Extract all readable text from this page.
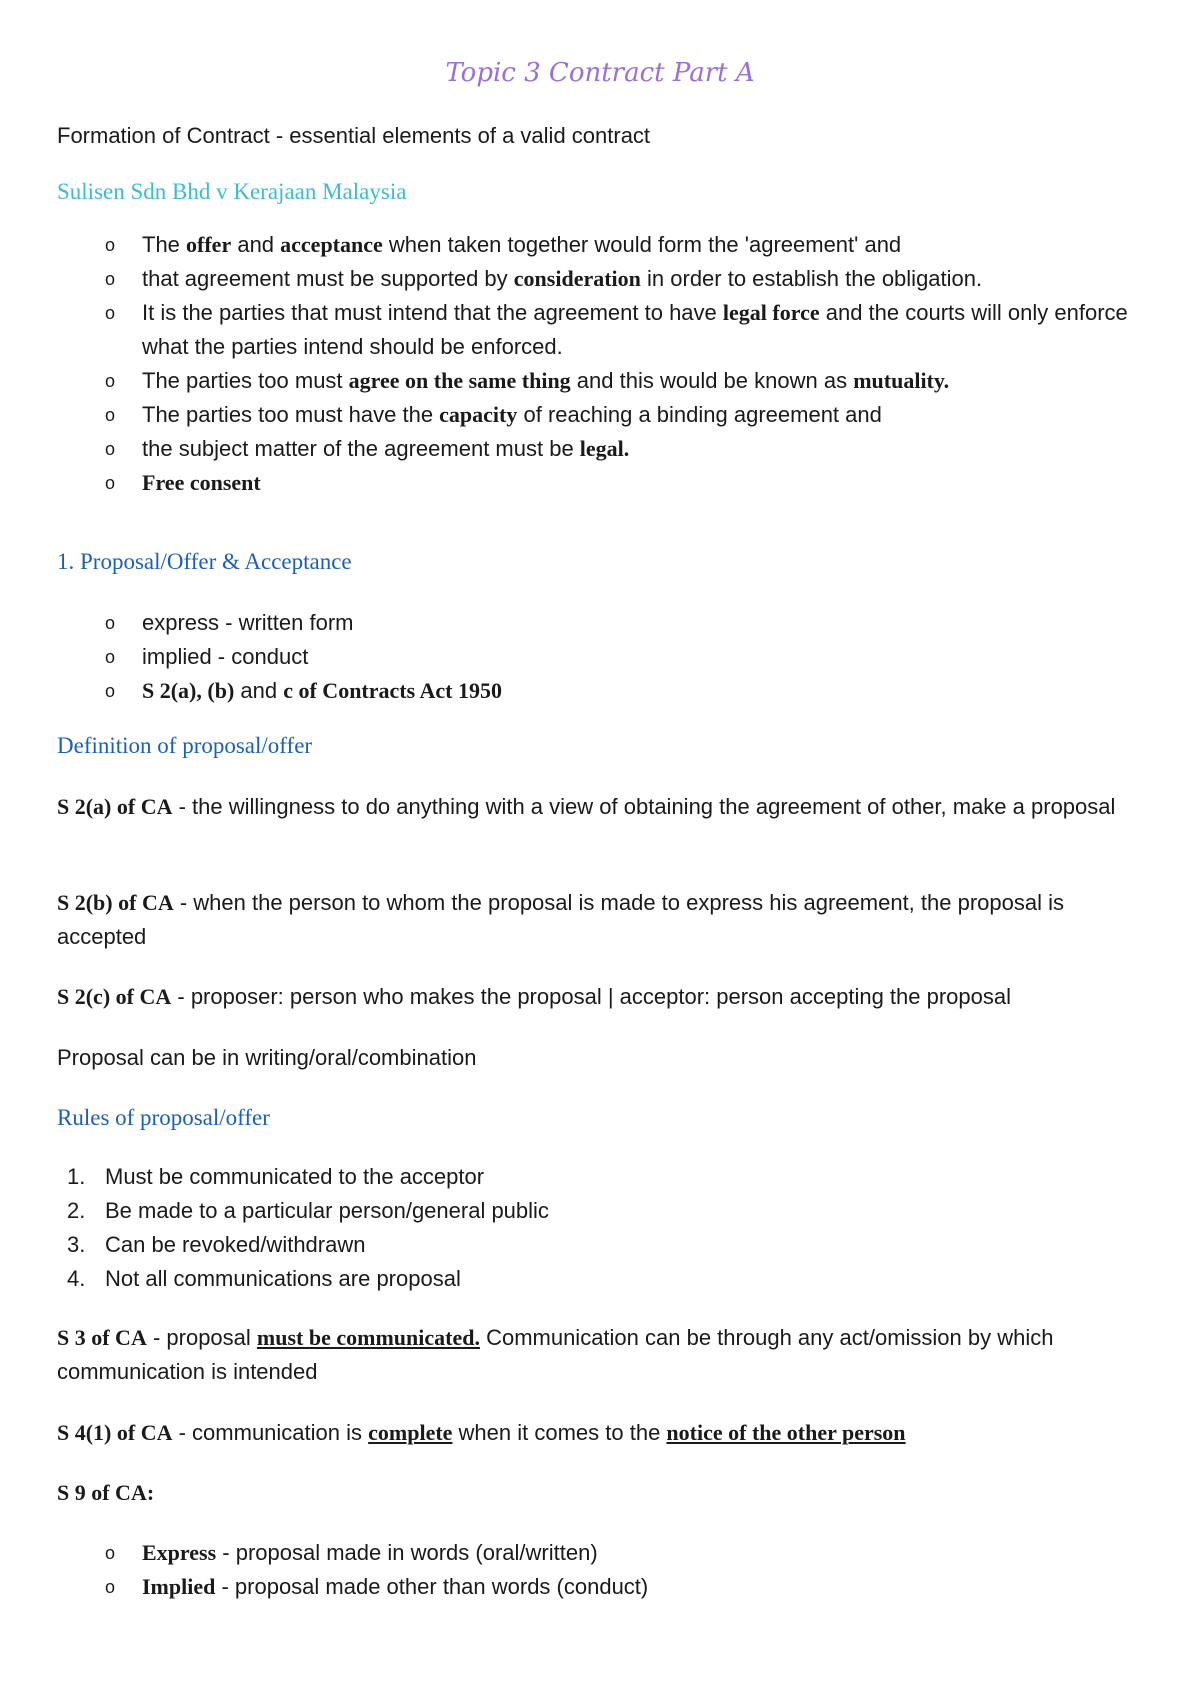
Topic 3 Contract Part A
Formation of Contract - essential elements of a valid contract
Sulisen Sdn Bhd v Kerajaan Malaysia
o The offer and acceptance when taken together would form the 'agreement' and
o that agreement must be supported by consideration in order to establish the obligation.
o It is the parties that must intend that the agreement to have legal force and the courts will only enforce what the parties intend should be enforced.
o The parties too must agree on the same thing and this would be known as mutuality.
o The parties too must have the capacity of reaching a binding agreement and
o the subject matter of the agreement must be legal.
o Free consent
1. Proposal/Offer & Acceptance
o express - written form
o implied - conduct
o S 2(a), (b) and c of Contracts Act 1950
Definition of proposal/offer
S 2(a) of CA - the willingness to do anything with a view of obtaining the agreement of other, make a proposal
S 2(b) of CA - when the person to whom the proposal is made to express his agreement, the proposal is accepted
S 2(c) of CA - proposer: person who makes the proposal | acceptor: person accepting the proposal
Proposal can be in writing/oral/combination
Rules of proposal/offer
1. Must be communicated to the acceptor
2. Be made to a particular person/general public
3. Can be revoked/withdrawn
4. Not all communications are proposal
S 3 of CA - proposal must be communicated. Communication can be through any act/omission by which communication is intended
S 4(1) of CA - communication is complete when it comes to the notice of the other person
S 9 of CA:
o Express - proposal made in words (oral/written)
o Implied - proposal made other than words (conduct)
